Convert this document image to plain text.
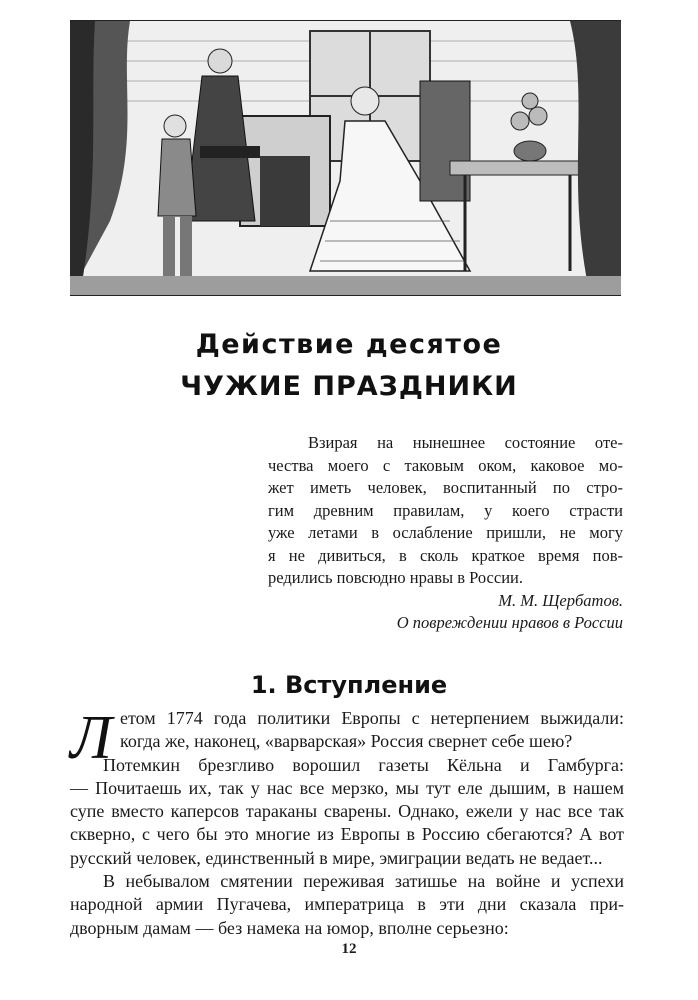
Действие десятое
ЧУЖИЕ ПРАЗДНИКИ
Взирая на нынешнее состояние оте-
чества моего с таковым оком, каковое мо-
жет иметь человек, воспитанный по стро-
гим древним правилам, у коего страсти
уже летами в ослабление пришли, не могу
я не дивиться, в сколь краткое время пов-
редились повсюдно нравы в России.
М. М. Щербатов.
О повреждении нравов в России
1. Вступление
Л етом 1774 года политики Европы с нетерпением выжидали:
когда же, наконец, «варварская» Россия свернет себе шею?
Потемкин брезгливо ворошил газеты Кёльна и Гамбурга:
— Почитаешь их, так у нас все мерзко, мы тут еле дышим, в нашем
супе вместо каперсов тараканы сварены. Однако, ежели у нас все так
скверно, с чего бы это многие из Европы в Россию сбегаются? А вот
русский человек, единственный в мире, эмиграции ведать не ведает...
В небывалом смятении переживая затишье на войне и успехи
народной армии Пугачева, императрица в эти дни сказала при-
дворным дамам — без намека на юмор, вполне серьезно:
12
